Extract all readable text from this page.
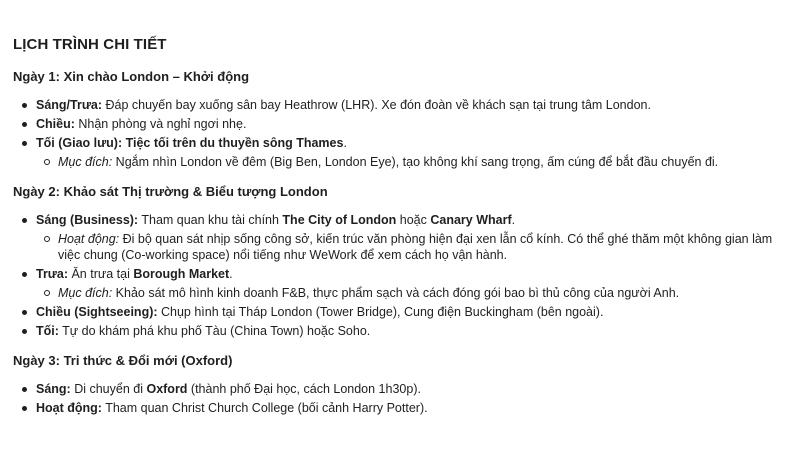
LỊCH TRÌNH CHI TIẾT
Ngày 1: Xin chào London – Khởi động
Sáng/Trưa: Đáp chuyến bay xuống sân bay Heathrow (LHR). Xe đón đoàn về khách sạn tại trung tâm London.
Chiều: Nhận phòng và nghỉ ngơi nhẹ.
Tối (Giao lưu): Tiệc tối trên du thuyền sông Thames.
Mục đích: Ngắm nhìn London về đêm (Big Ben, London Eye), tạo không khí sang trọng, ấm cúng để bắt đầu chuyến đi.
Ngày 2: Khảo sát Thị trường & Biểu tượng London
Sáng (Business): Tham quan khu tài chính The City of London hoặc Canary Wharf.
Hoạt động: Đi bộ quan sát nhịp sống công sở, kiến trúc văn phòng hiện đại xen lẫn cổ kính. Có thể ghé thăm một không gian làm việc chung (Co-working space) nổi tiếng như WeWork để xem cách họ vận hành.
Trưa: Ăn trưa tại Borough Market.
Mục đích: Khảo sát mô hình kinh doanh F&B, thực phẩm sạch và cách đóng gói bao bì thủ công của người Anh.
Chiều (Sightseeing): Chụp hình tại Tháp London (Tower Bridge), Cung điện Buckingham (bên ngoài).
Tối: Tự do khám phá khu phố Tàu (China Town) hoặc Soho.
Ngày 3: Tri thức & Đổi mới (Oxford)
Sáng: Di chuyển đi Oxford (thành phố Đại học, cách London 1h30p).
Hoạt động: Tham quan Christ Church College (bối cảnh Harry Potter).
